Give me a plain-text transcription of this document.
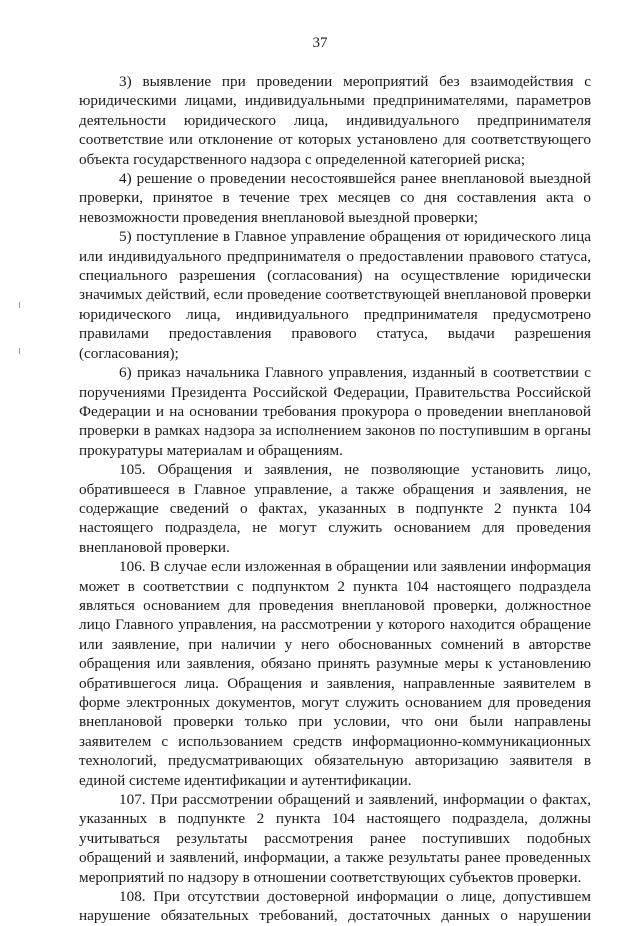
37

3) выявление при проведении мероприятий без взаимодействия с юридическими лицами, индивидуальными предпринимателями, параметров деятельности юридического лица, индивидуального предпринимателя соответствие или отклонение от которых установлено для соответствующего объекта государственного надзора с определенной категорией риска;

4) решение о проведении несостоявшейся ранее внеплановой выездной проверки, принятое в течение трех месяцев со дня составления акта о невозможности проведения внеплановой выездной проверки;

5) поступление в Главное управление обращения от юридического лица или индивидуального предпринимателя о предоставлении правового статуса, специального разрешения (согласования) на осуществление юридически значимых действий, если проведение соответствующей внеплановой проверки юридического лица, индивидуального предпринимателя предусмотрено правилами предоставления правового статуса, выдачи разрешения (согласования);

6) приказ начальника Главного управления, изданный в соответствии с поручениями Президента Российской Федерации, Правительства Российской Федерации и на основании требования прокурора о проведении внеплановой проверки в рамках надзора за исполнением законов по поступившим в органы прокуратуры материалам и обращениям.

105. Обращения и заявления, не позволяющие установить лицо, обратившееся в Главное управление, а также обращения и заявления, не содержащие сведений о фактах, указанных в подпункте 2 пункта 104 настоящего подраздела, не могут служить основанием для проведения внеплановой проверки.

106. В случае если изложенная в обращении или заявлении информация может в соответствии с подпунктом 2 пункта 104 настоящего подраздела являться основанием для проведения внеплановой проверки, должностное лицо Главного управления, на рассмотрении у которого находится обращение или заявление, при наличии у него обоснованных сомнений в авторстве обращения или заявления, обязано принять разумные меры к установлению обратившегося лица. Обращения и заявления, направленные заявителем в форме электронных документов, могут служить основанием для проведения внеплановой проверки только при условии, что они были направлены заявителем с использованием средств информационно-коммуникационных технологий, предусматривающих обязательную авторизацию заявителя в единой системе идентификации и аутентификации.

107. При рассмотрении обращений и заявлений, информации о фактах, указанных в подпункте 2 пункта 104 настоящего подраздела, должны учитываться результаты рассмотрения ранее поступивших подобных обращений и заявлений, информации, а также результаты ранее проведенных мероприятий по надзору в отношении соответствующих субъектов проверки.

108. При отсутствии достоверной информации о лице, допустившем нарушение обязательных требований, достаточных данных о нарушении
